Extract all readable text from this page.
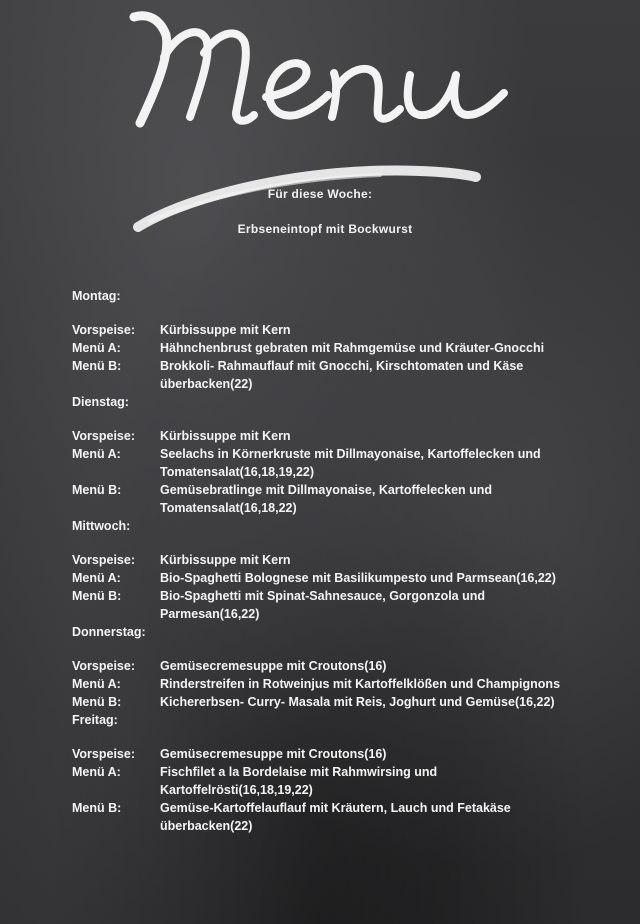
Für diese Woche:
Erbseneintopf mit Bockwurst
Montag:
Vorspeise:	Kürbissuppe mit Kern
Menü A:	Hähnchenbrust gebraten mit Rahmgemüse und Kräuter-Gnocchi
Menü B:	Brokkoli- Rahmauflauf mit Gnocchi, Kirschtomaten und Käse überbacken(22)
Dienstag:
Vorspeise:	Kürbissuppe mit Kern
Menü A:	Seelachs in Körnerkruste mit Dillmayonaise, Kartoffelecken und Tomatensalat(16,18,19,22)
Menü B:	Gemüsebratlinge mit Dillmayonaise, Kartoffelecken und Tomatensalat(16,18,22)
Mittwoch:
Vorspeise:	Kürbissuppe mit Kern
Menü A:	Bio-Spaghetti Bolognese mit Basilikumpesto und Parmsean(16,22)
Menü B:	Bio-Spaghetti mit Spinat-Sahnesauce, Gorgonzola und Parmesan(16,22)
Donnerstag:
Vorspeise:	Gemüsecremesuppe mit Croutons(16)
Menü A:	Rinderstreifen in Rotweinjus mit Kartoffelklößen und Champignons
Menü B:	Kichererbsen- Curry- Masala mit Reis, Joghurt und Gemüse(16,22)
Freitag:
Vorspeise:	Gemüsecremesuppe mit Croutons(16)
Menü A:	Fischfilet a la Bordelaise mit Rahmwirsing und Kartoffelrösti(16,18,19,22)
Menü B:	Gemüse-Kartoffelauflauf mit Kräutern, Lauch und Fetakäse überbacken(22)
